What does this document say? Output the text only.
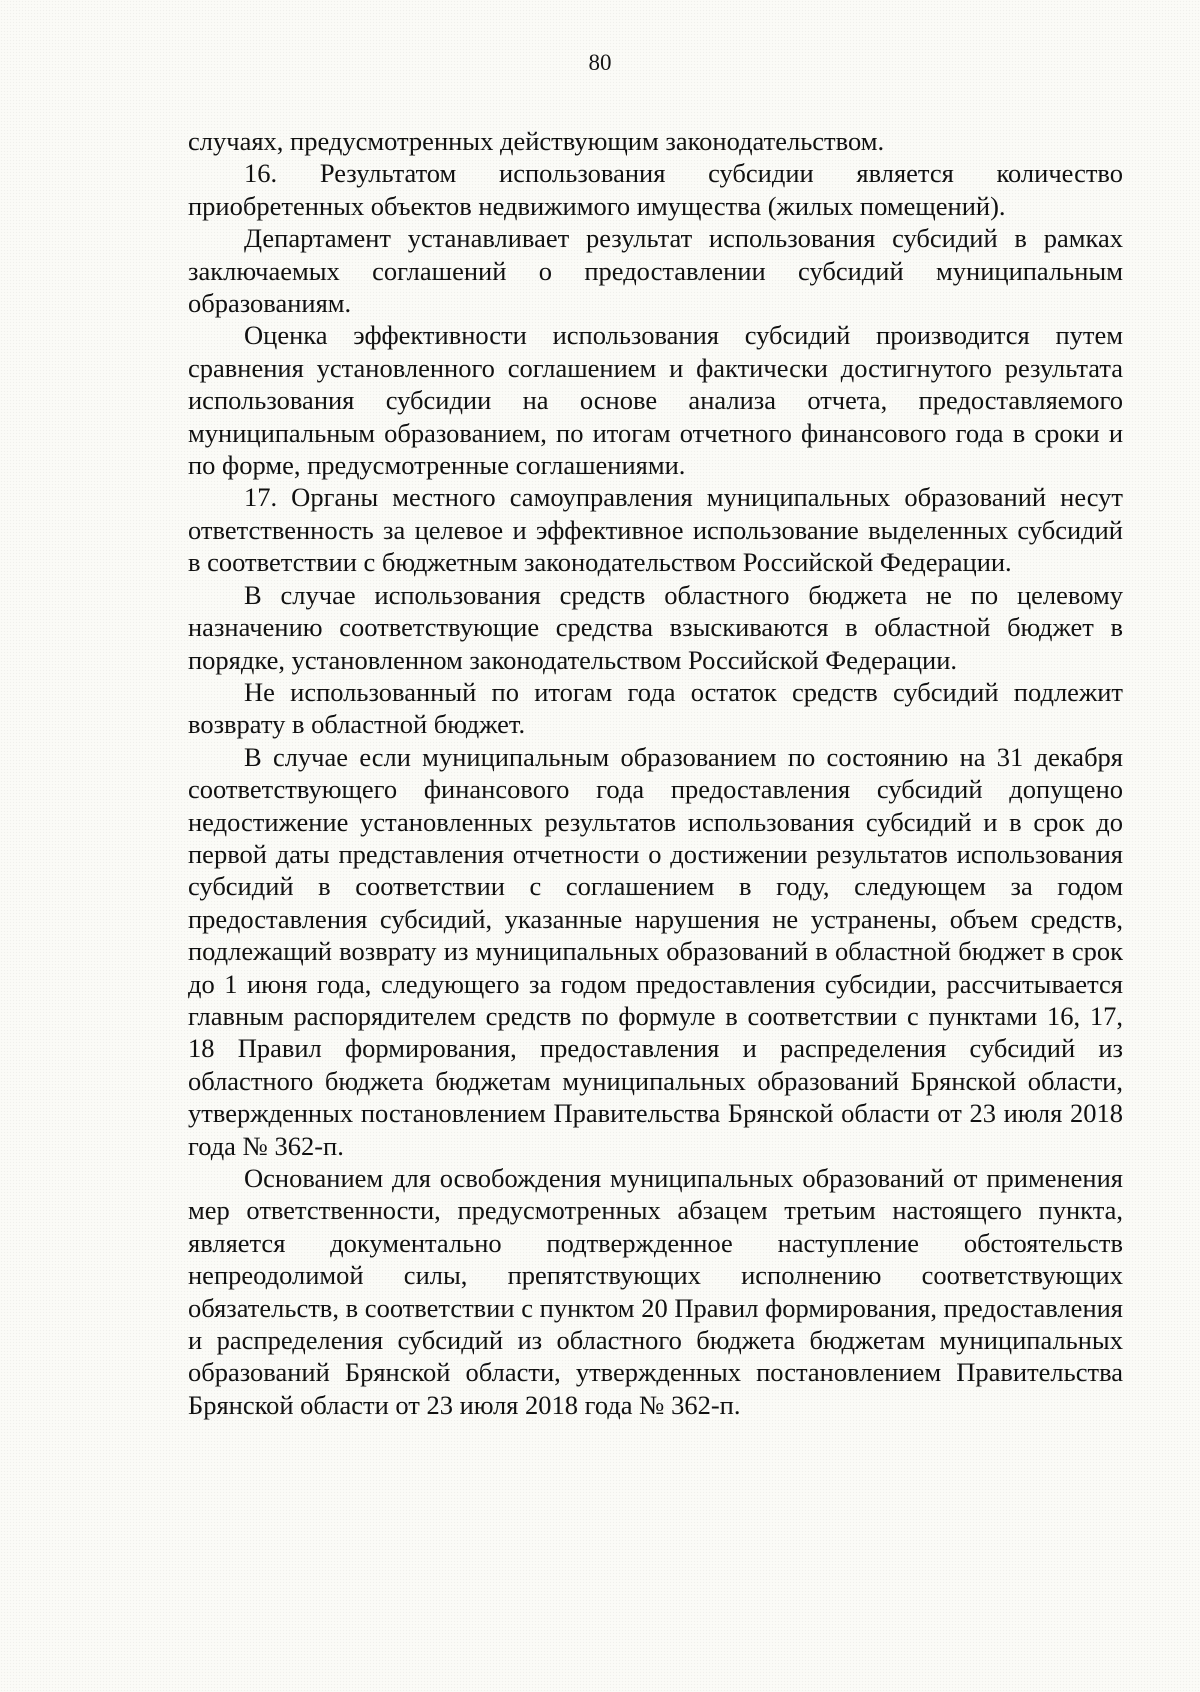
80

случаях, предусмотренных действующим законодательством.

16. Результатом использования субсидии является количество приобретенных объектов недвижимого имущества (жилых помещений).

Департамент устанавливает результат использования субсидий в рамках заключаемых соглашений о предоставлении субсидий муниципальным образованиям.

Оценка эффективности использования субсидий производится путем сравнения установленного соглашением и фактически достигнутого результата использования субсидии на основе анализа отчета, предоставляемого муниципальным образованием, по итогам отчетного финансового года в сроки и по форме, предусмотренные соглашениями.

17. Органы местного самоуправления муниципальных образований несут ответственность за целевое и эффективное использование выделенных субсидий в соответствии с бюджетным законодательством Российской Федерации.

В случае использования средств областного бюджета не по целевому назначению соответствующие средства взыскиваются в областной бюджет в порядке, установленном законодательством Российской Федерации.

Не использованный по итогам года остаток средств субсидий подлежит возврату в областной бюджет.

В случае если муниципальным образованием по состоянию на 31 декабря соответствующего финансового года предоставления субсидий допущено недостижение установленных результатов использования субсидий и в срок до первой даты представления отчетности о достижении результатов использования субсидий в соответствии с соглашением в году, следующем за годом предоставления субсидий, указанные нарушения не устранены, объем средств, подлежащий возврату из муниципальных образований в областной бюджет в срок до 1 июня года, следующего за годом предоставления субсидии, рассчитывается главным распорядителем средств по формуле в соответствии с пунктами 16, 17, 18 Правил формирования, предоставления и распределения субсидий из областного бюджета бюджетам муниципальных образований Брянской области, утвержденных постановлением Правительства Брянской области от 23 июля 2018 года № 362-п.

Основанием для освобождения муниципальных образований от применения мер ответственности, предусмотренных абзацем третьим настоящего пункта, является документально подтвержденное наступление обстоятельств непреодолимой силы, препятствующих исполнению соответствующих обязательств, в соответствии с пунктом 20 Правил формирования, предоставления и распределения субсидий из областного бюджета бюджетам муниципальных образований Брянской области, утвержденных постановлением Правительства Брянской области от 23 июля 2018 года № 362-п.
